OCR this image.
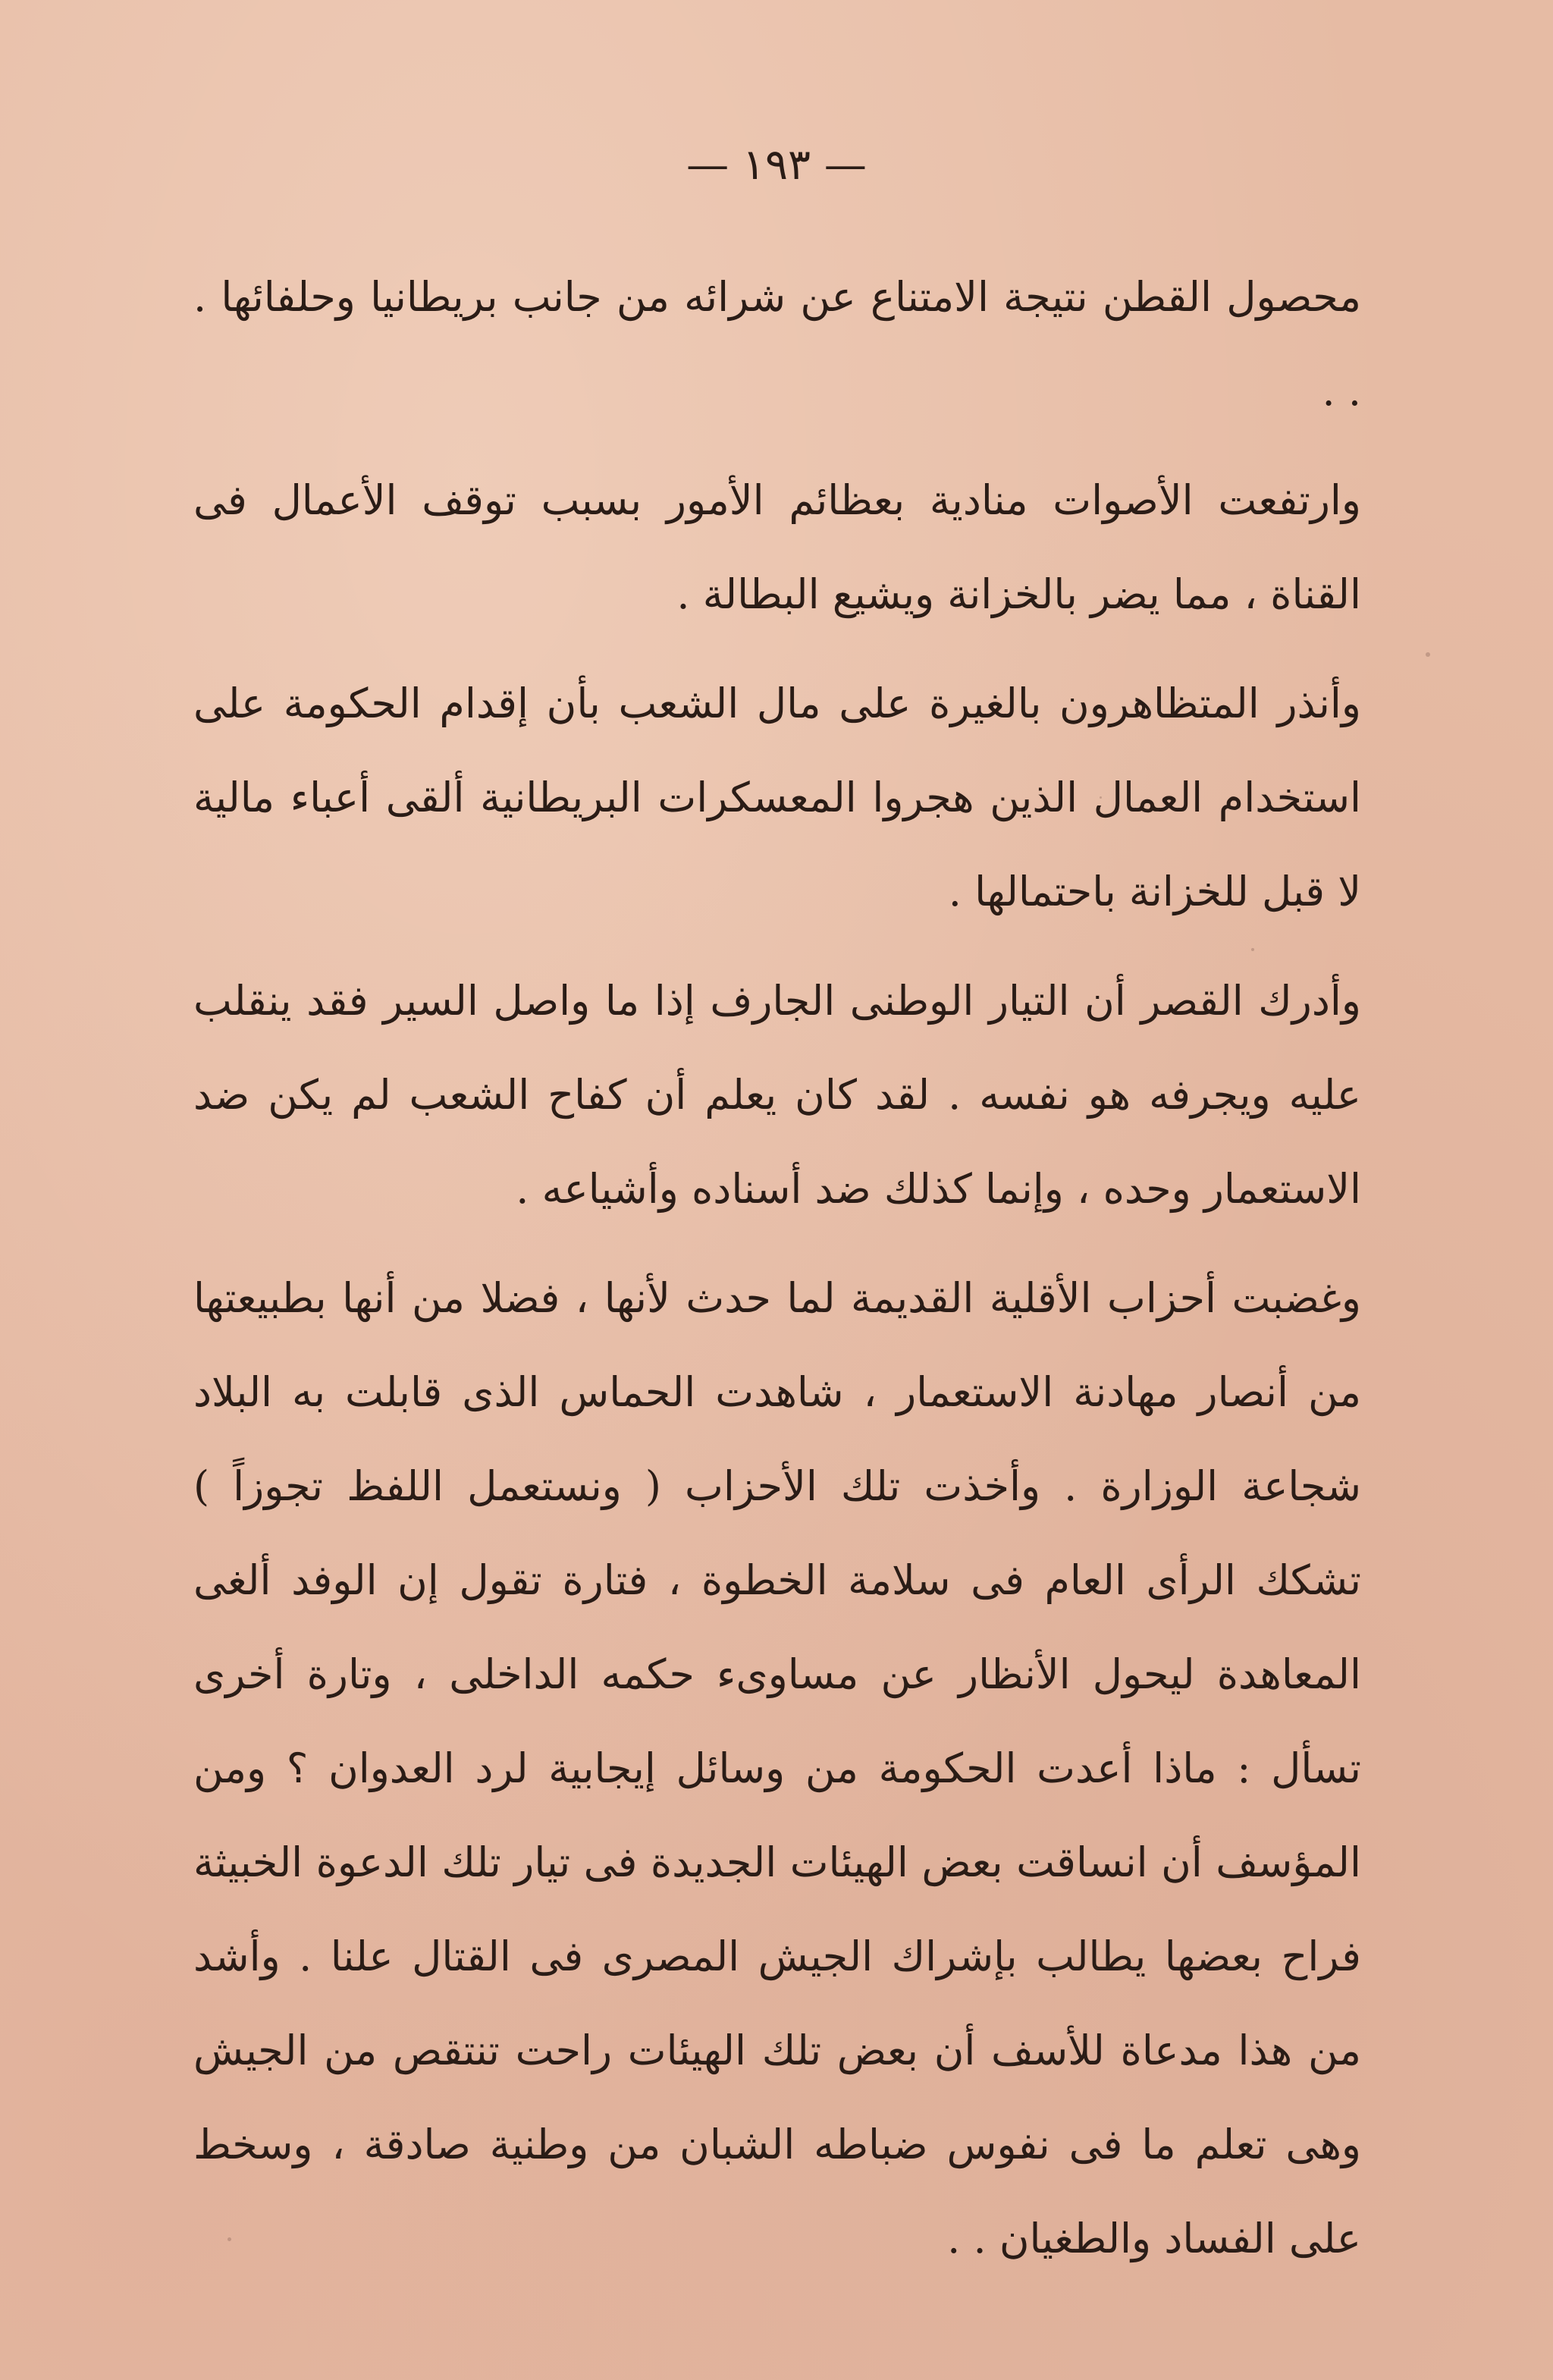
— ١٩٣ —

محصول القطن نتيجة الامتناع عن شرائه من جانب بريطانيا وحلفائها . . .

وارتفعت الأصوات منادية بعظائم الأمور بسبب توقف الأعمال فى القناة ، مما يضر بالخزانة ويشيع البطالة .

وأنذر المتظاهرون بالغيرة على مال الشعب بأن إقدام الحكومة على استخدام العمال الذين هجروا المعسكرات البريطانية ألقى أعباء مالية لا قبل للخزانة باحتمالها .

وأدرك القصر أن التيار الوطنى الجارف إذا ما واصل السير فقد ينقلب عليه ويجرفه هو نفسه . لقد كان يعلم أن كفاح الشعب لم يكن ضد الاستعمار وحده ، وإنما كذلك ضد أسناده وأشياعه .

وغضبت أحزاب الأقلية القديمة لما حدث لأنها ، فضلا من أنها بطبيعتها من أنصار مهادنة الاستعمار ، شاهدت الحماس الذى قابلت به البلاد شجاعة الوزارة . وأخذت تلك الأحزاب ( ونستعمل اللفظ تجوزاً ) تشكك الرأى العام فى سلامة الخطوة ، فتارة تقول إن الوفد ألغى المعاهدة ليحول الأنظار عن مساوىء حكمه الداخلى ، وتارة أخرى تسأل : ماذا أعدت الحكومة من وسائل إيجابية لرد العدوان ؟ ومن المؤسف أن انساقت بعض الهيئات الجديدة فى تيار تلك الدعوة الخبيثة فراح بعضها يطالب بإشراك الجيش المصرى فى القتال علنا . وأشد من هذا مدعاة للأسف أن بعض تلك الهيئات راحت تنتقص من الجيش وهى تعلم ما فى نفوس ضباطه الشبان من وطنية صادقة ، وسخط على الفساد والطغيان . .
